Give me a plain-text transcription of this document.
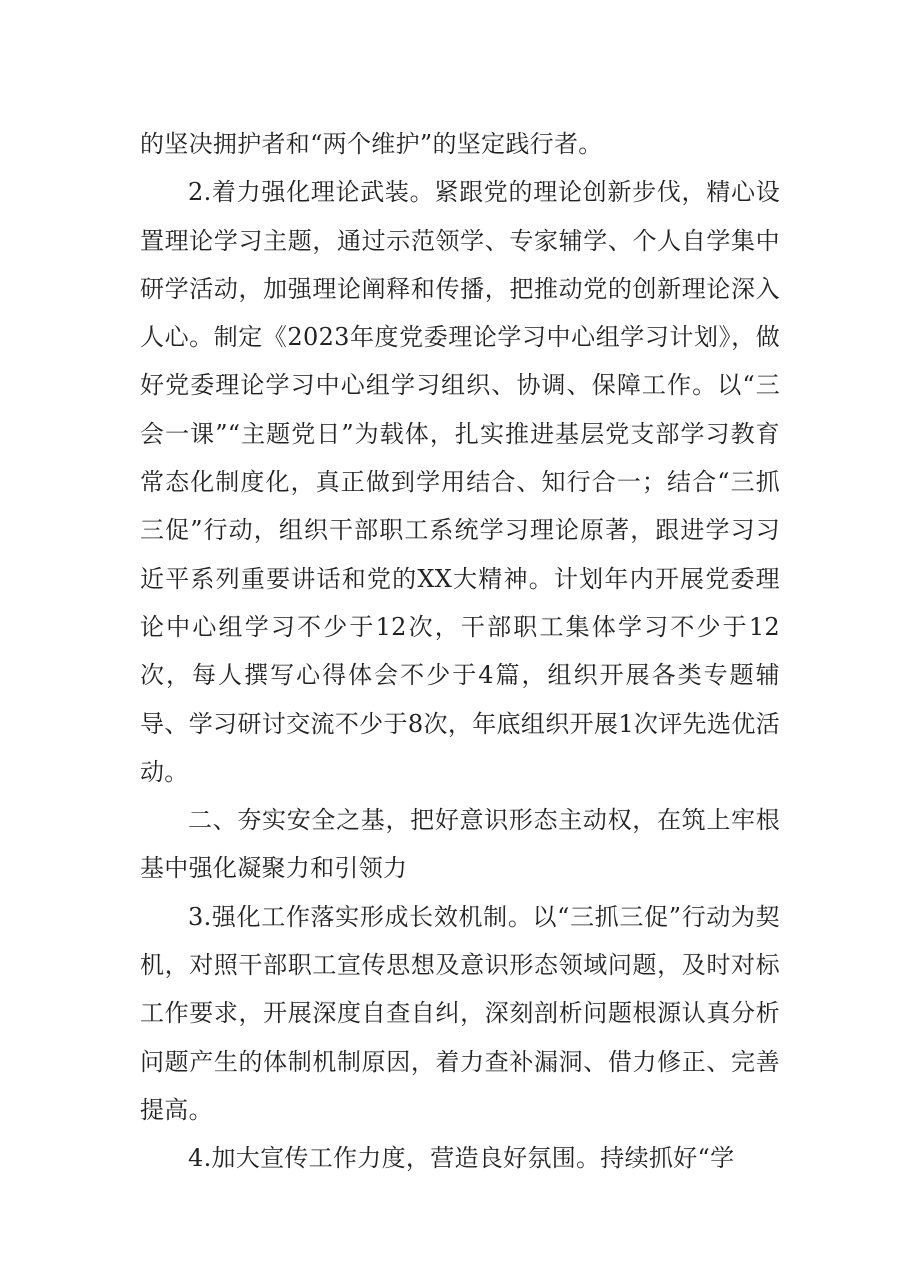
的坚决拥护者和“两个维护”的坚定践行者。

2.着力强化理论武装。紧跟党的理论创新步伐，精心设置理论学习主题，通过示范领学、专家辅学、个人自学集中研学活动，加强理论阐释和传播，把推动党的创新理论深入人心。制定《2023年度党委理论学习中心组学习计划》，做好党委理论学习中心组学习组织、协调、保障工作。以“三会一课”“主题党日”为载体，扎实推进基层党支部学习教育常态化制度化，真正做到学用结合、知行合一；结合“三抓三促”行动，组织干部职工系统学习理论原著，跟进学习习近平系列重要讲话和党的XX大精神。计划年内开展党委理论中心组学习不少于12次，干部职工集体学习不少于12次，每人撰写心得体会不少于4篇，组织开展各类专题辅导、学习研讨交流不少于8次，年底组织开展1次评先选优活动。

二、夯实安全之基，把好意识形态主动权，在筑上牢根基中强化凝聚力和引领力

3.强化工作落实形成长效机制。以“三抓三促”行动为契机，对照干部职工宣传思想及意识形态领域问题，及时对标工作要求，开展深度自查自纠，深刻剖析问题根源认真分析问题产生的体制机制原因，着力查补漏洞、借力修正、完善提高。

4.加大宣传工作力度，营造良好氛围。持续抓好“学
